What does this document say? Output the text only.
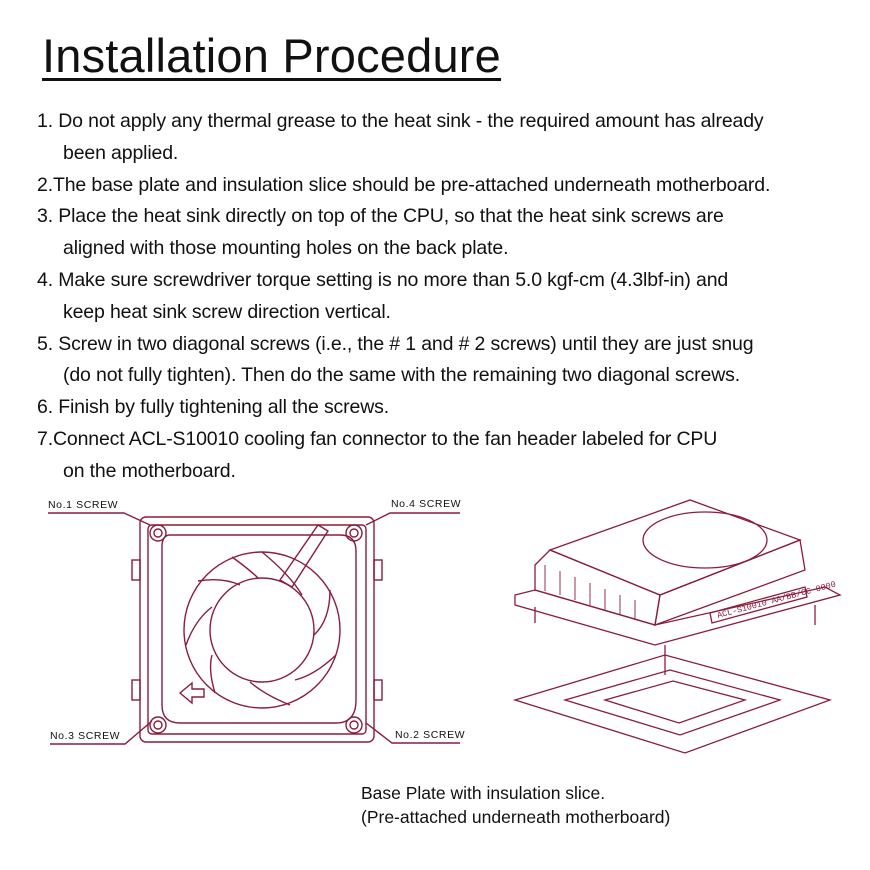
Installation Procedure
1. Do not apply any thermal grease to the heat sink - the required amount has already
been applied.
2.The base plate and insulation slice should be pre-attached underneath motherboard.
3. Place the heat sink directly on top of the CPU, so that the heat sink screws are
aligned with those mounting holes on the back plate.
4. Make sure screwdriver torque setting is no more than 5.0 kgf-cm (4.3lbf-in) and
keep heat sink screw direction vertical.
5. Screw in two diagonal screws (i.e., the # 1 and # 2 screws) until they are just snug
(do not fully tighten). Then do the same with the remaining two diagonal screws.
6. Finish by fully tightening all the screws.
7.Connect ACL-S10010 cooling fan connector to the fan header labeled for CPU
on the motherboard.
No.1 SCREW	No.4 SCREW
No.3 SCREW	No.2 SCREW
ACL-S10010 AA/BB/CC 0000
Base Plate with insulation slice.
(Pre-attached underneath motherboard)
